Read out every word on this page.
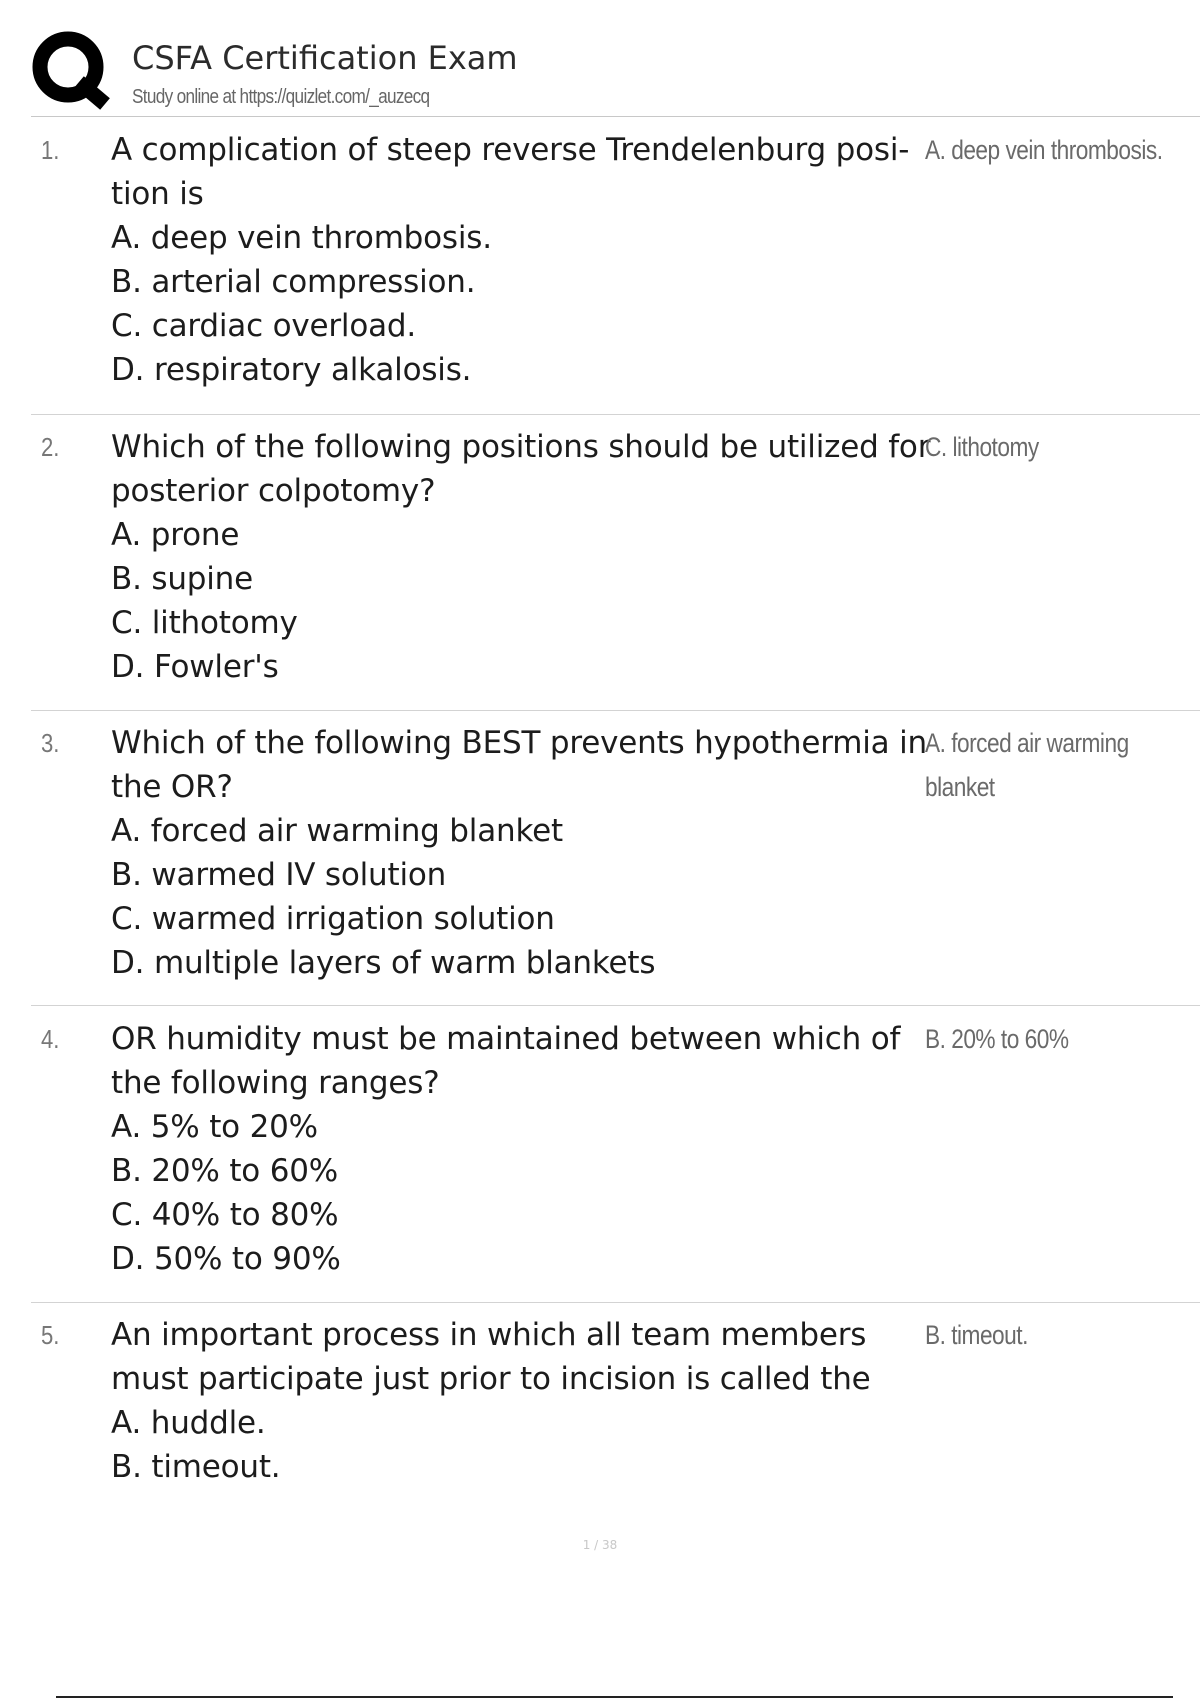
CSFA Certification Exam
Study online at https://quizlet.com/_auzecq
1. A complication of steep reverse Trendelenburg posi-
tion is
A. deep vein thrombosis.
B. arterial compression.
C. cardiac overload.
D. respiratory alkalosis.
A. deep vein thrombosis.
2. Which of the following positions should be utilized for
posterior colpotomy?
A. prone
B. supine
C. lithotomy
D. Fowler's
C. lithotomy
3. Which of the following BEST prevents hypothermia in
the OR?
A. forced air warming blanket
B. warmed IV solution
C. warmed irrigation solution
D. multiple layers of warm blankets
A. forced air warming
blanket
4. OR humidity must be maintained between which of
the following ranges?
A. 5% to 20%
B. 20% to 60%
C. 40% to 80%
D. 50% to 90%
B. 20% to 60%
5. An important process in which all team members
must participate just prior to incision is called the
A. huddle.
B. timeout.
B. timeout.
1 / 38
